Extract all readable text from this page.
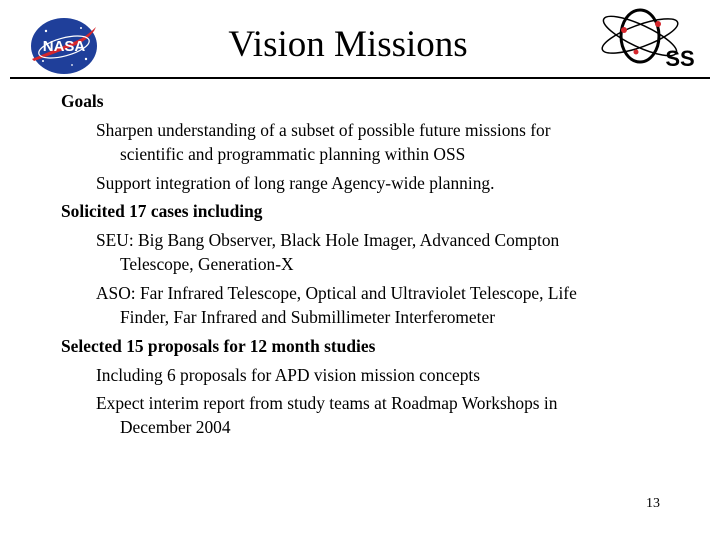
NASA	SS
Vision Missions
Goals
Sharpen understanding of a subset of possible future missions for
scientific and programmatic planning within OSS
Support integration of long range Agency-wide planning.
Solicited 17 cases including
SEU: Big Bang Observer, Black Hole Imager, Advanced Compton
Telescope, Generation-X
ASO: Far Infrared Telescope, Optical and Ultraviolet Telescope, Life
Finder, Far Infrared and Submillimeter Interferometer
Selected 15 proposals for 12 month studies
Including 6 proposals for APD vision mission concepts
Expect interim report from study teams at Roadmap Workshops in
December 2004
13
